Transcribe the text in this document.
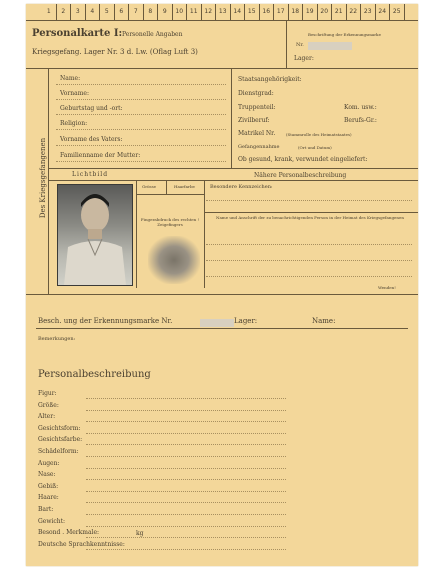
1	2	3	4	5	6	7	8	9	10	11	12	13	14	15	16	17	18	19	20	21	22	23	24	25
Personalkarte I: Personelle Angaben
Kriegsgefang. Lager Nr. 3 d. Lw. (Oflag Luft 3)
Beschriftung der Erkennungsmarke
Nr.
Lager:
Des Kriegsgefangenen
Name:
Vorname:
Geburtstag und -ort:
Religion:
Vorname des Vaters:
Familienname der Mutter:
Staatsangehörigkeit:
Dienstgrad:
Truppenteil:	Kom. usw.:
Zivilberuf:	Berufs-Gr.:
Matrikel Nr.	(Stammrolle des Heimatstaates)
Gefangennahme	(Ort und Datum)
Ob gesund, krank, verwundet eingeliefert:
Lichtbild
Grösse	Haarfarbe
Fingerabdruck des rechten ! Zeigefingers
Nähere Personalbeschreibung
Besondere Kennzeichen:
Name und Anschrift der zu benachrichtigenden Person in der Heimat des Kriegsgefangenen
Wenden!
Besch. ung der Erkennungsmarke Nr.	Lager:	Name:
Bemerkungen:
Personalbeschreibung
Figur:
Größe:
Alter:
Gesichtsform:
Gesichtsfarbe:
Schädelform:
Augen:
Nase:
Gebiß:
Haare:
Bart:
Gewicht:
Besond . Merkmale:
Deutsche Sprachkenntnisse:
kg
